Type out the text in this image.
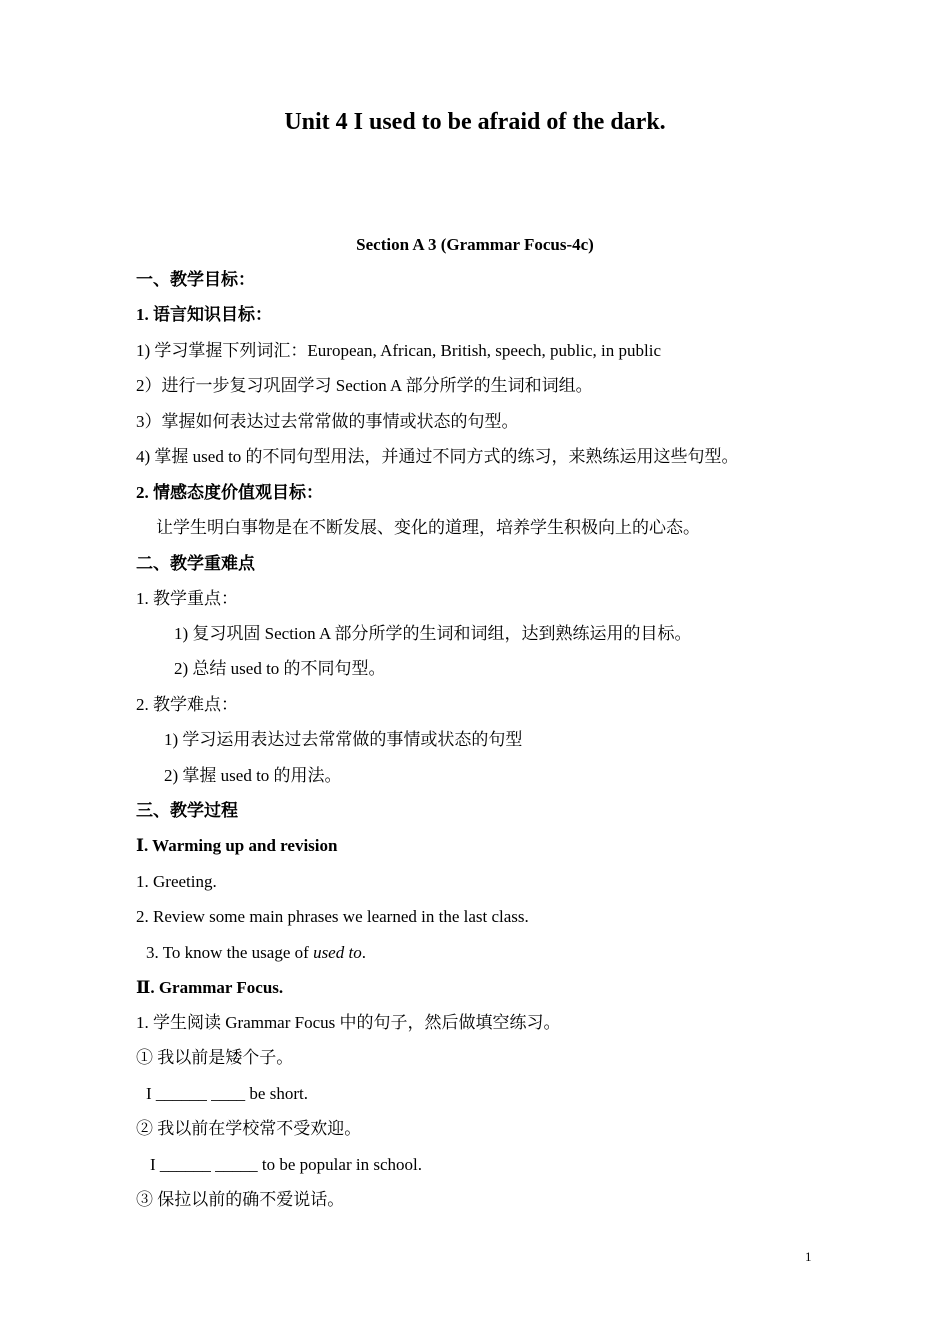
Unit 4 I used to be afraid of the dark.
Section A 3 (Grammar Focus-4c)
一、教学目标：
1. 语言知识目标：
1) 学习掌握下列词汇：European, African, British, speech, public, in public
2）进行一步复习巩固学习 Section A 部分所学的生词和词组。
3）掌握如何表达过去常常做的事情或状态的句型。
4) 掌握 used to 的不同句型用法，并通过不同方式的练习，来熟练运用这些句型。
2. 情感态度价值观目标：
让学生明白事物是在不断发展、变化的道理，培养学生积极向上的心态。
二、教学重难点
1. 教学重点：
1) 复习巩固 Section A 部分所学的生词和词组，达到熟练运用的目标。
2) 总结 used to 的不同句型。
2. 教学难点：
1) 学习运用表达过去常常做的事情或状态的句型
2) 掌握 used to 的用法。
三、教学过程
Ⅰ. Warming up and revision
1. Greeting.
2. Review some main phrases we learned in the last class.
3. To know the usage of used to.
Ⅱ. Grammar Focus.
1. 学生阅读 Grammar Focus 中的句子，然后做填空练习。
① 我以前是矮个子。
I ______ ____ be short.
② 我以前在学校常不受欢迎。
I ______ _____ to be popular in school.
③ 保拉以前的确不爱说话。
1
